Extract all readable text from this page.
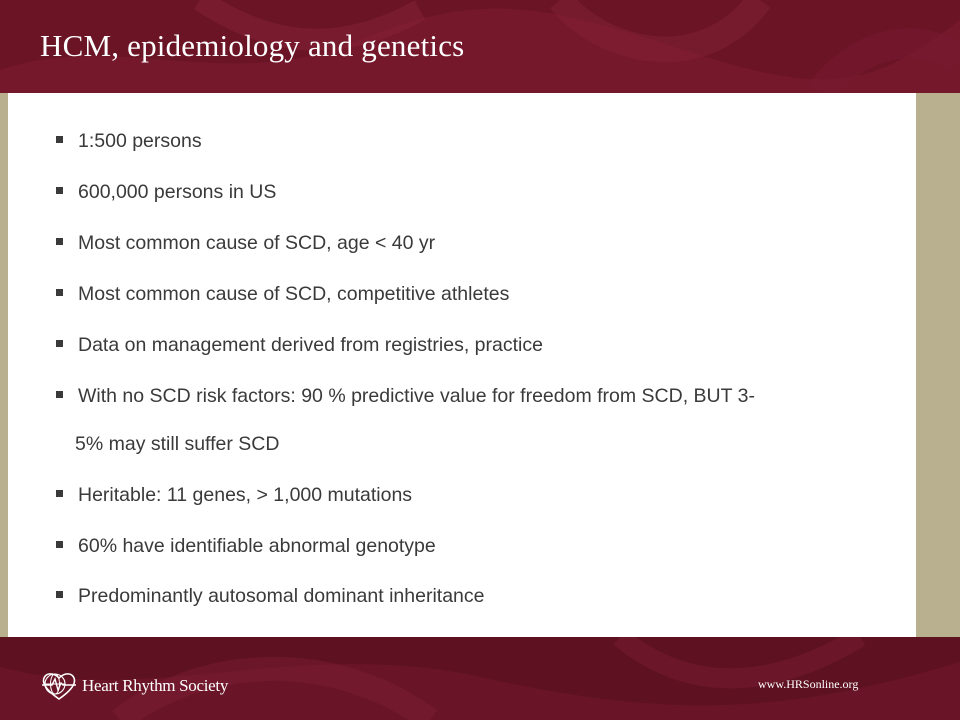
HCM, epidemiology and genetics
1:500 persons
600,000 persons in US
Most common cause of SCD, age < 40 yr
Most common cause of SCD, competitive athletes
Data on management derived from registries, practice
With no SCD risk factors: 90 % predictive value for freedom from SCD, BUT 3-
5% may still suffer SCD
Heritable: 11 genes, > 1,000 mutations
60% have identifiable abnormal genotype
Predominantly autosomal dominant inheritance
Heart Rhythm Society	www.HRSonline.org
